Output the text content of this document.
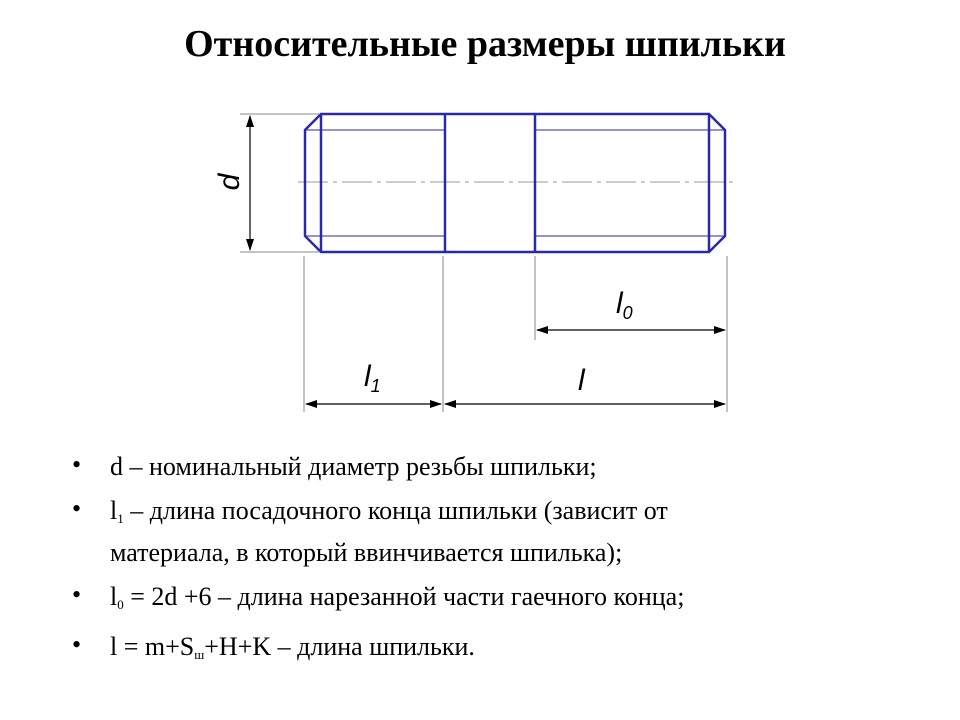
Относительные размеры шпильки
d
$l_0$
$l_1$	l
• d – номинальный диаметр резьбы шпильки;
• $l_1$ – длина посадочного конца шпильки (зависит от
материала, в который ввинчивается шпилька);
• $l_0 = 2d +6$ – длина нарезанной части гаечного конца;
• $l = m+S_ш+H+K$ – длина шпильки.
